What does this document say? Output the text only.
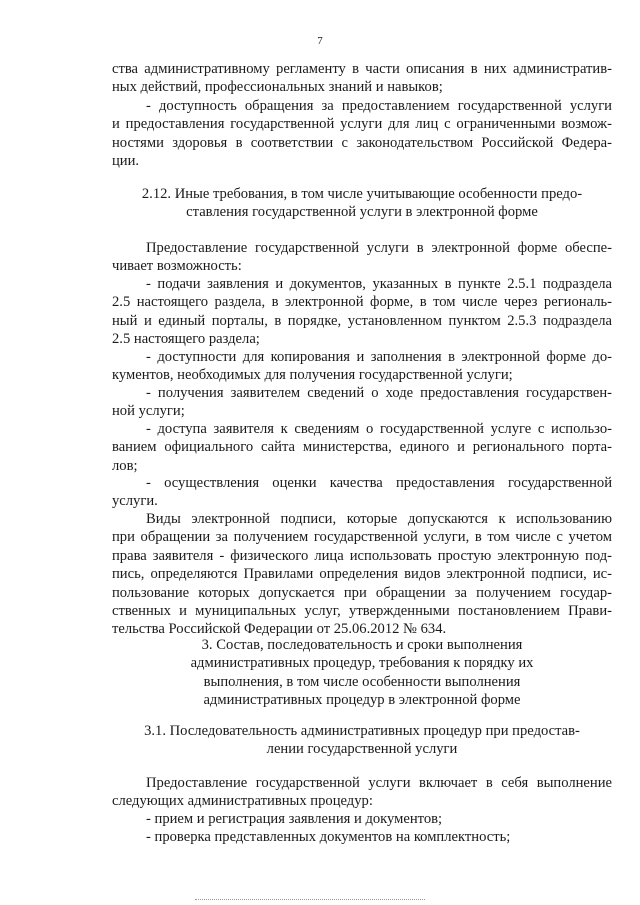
7
ства административному регламенту в части описания в них административ-
ных действий, профессиональных знаний и навыков;
- доступность обращения за предоставлением государственной услуги
и предоставления государственной услуги для лиц с ограниченными возмож-
ностями здоровья в соответствии с законодательством Российской Федера-
ции.
2.12. Иные требования, в том числе учитывающие особенности предо-
ставления государственной услуги в электронной форме
Предоставление государственной услуги в электронной форме обеспе-
чивает возможность:
- подачи заявления и документов, указанных в пункте 2.5.1 подраздела
2.5 настоящего раздела, в электронной форме, в том числе через региональ-
ный и единый порталы, в порядке, установленном пунктом 2.5.3 подраздела
2.5 настоящего раздела;
- доступности для копирования и заполнения в электронной форме до-
кументов, необходимых для получения государственной услуги;
- получения заявителем сведений о ходе предоставления государствен-
ной услуги;
- доступа заявителя к сведениям о государственной услуге с использо-
ванием официального сайта министерства, единого и регионального порта-
лов;
- осуществления оценки качества предоставления государственной
услуги.
Виды электронной подписи, которые допускаются к использованию
при обращении за получением государственной услуги, в том числе с учетом
права заявителя - физического лица использовать простую электронную под-
пись, определяются Правилами определения видов электронной подписи, ис-
пользование которых допускается при обращении за получением государ-
ственных и муниципальных услуг, утвержденными постановлением Прави-
тельства Российской Федерации от 25.06.2012 № 634.
3. Состав, последовательность и сроки выполнения
административных процедур, требования к порядку их
выполнения, в том числе особенности выполнения
административных процедур в электронной форме
3.1. Последовательность административных процедур при предостав-
лении государственной услуги
Предоставление государственной услуги включает в себя выполнение
следующих административных процедур:
- прием и регистрация заявления и документов;
- проверка представленных документов на комплектность;
